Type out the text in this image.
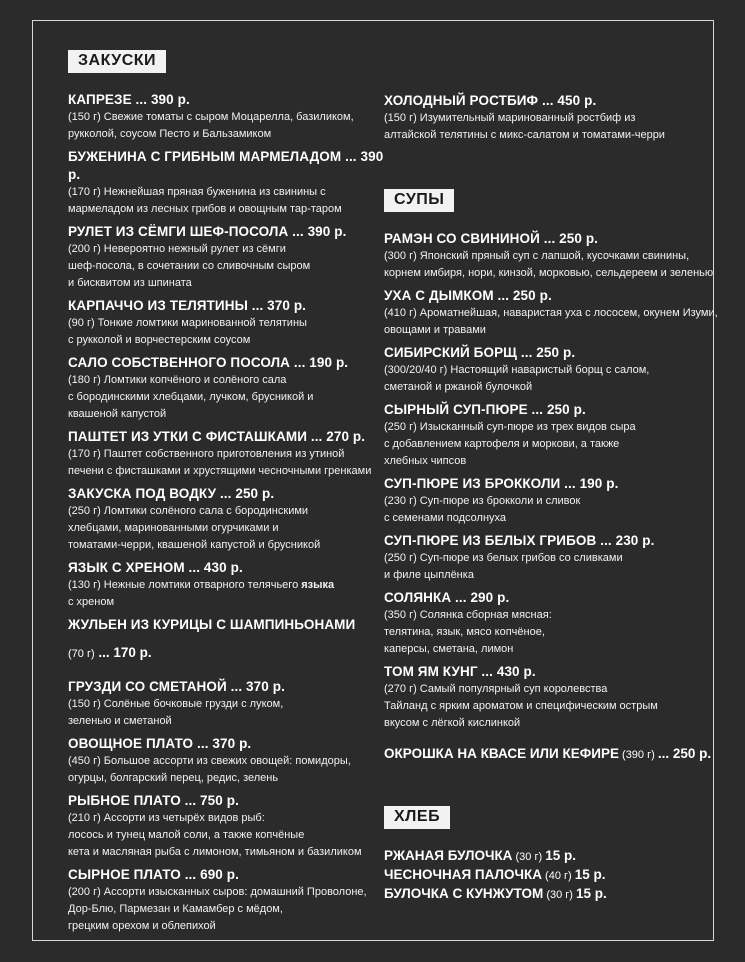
ЗАКУСКИ
КАПРЕЗЕ ... 390 р.
(150 г) Свежие томаты с сыром Моцарелла, базиликом,
рукколой, соусом Песто и Бальзамиком
БУЖЕНИНА С ГРИБНЫМ МАРМЕЛАДОМ ... 390 р.
(170 г) Нежнейшая пряная буженина из свинины с
мармеладом из лесных грибов и овощным тар-таром
РУЛЕТ ИЗ СЁМГИ ШЕФ-ПОСОЛА ... 390 р.
(200 г) Невероятно нежный рулет из сёмги
шеф-посола, в сочетании со сливочным сыром
и бисквитом из шпината
КАРПАЧЧО ИЗ ТЕЛЯТИНЫ ... 370 р.
(90 г) Тонкие ломтики маринованной телятины
с рукколой и ворчестерским соусом
САЛО СОБСТВЕННОГО ПОСОЛА ... 190 р.
(180 г) Ломтики копчёного и солёного сала
с бородинскими хлебцами, лучком, брусникой и
квашеной капустой
ПАШТЕТ ИЗ УТКИ С ФИСТАШКАМИ ... 270 р.
(170 г) Паштет собственного приготовления из утиной
печени с фисташками и хрустящими чесночными гренками
ЗАКУСКА ПОД ВОДКУ ... 250 р.
(250 г) Ломтики солёного сала с бородинскими
хлебцами, маринованными огурчиками и
томатами-черри, квашеной капустой и брусникой
ЯЗЫК С ХРЕНОМ ... 430 р.
(130 г) Нежные ломтики отварного телячьего языка
с хреном
ЖУЛЬЕН ИЗ КУРИЦЫ С ШАМПИНЬОНАМИ
(70 г) ... 170 р.
ГРУЗДИ СО СМЕТАНОЙ ... 370 р.
(150 г) Солёные бочковые грузди с луком,
зеленью и сметаной
ОВОЩНОЕ ПЛАТО ... 370 р.
(450 г) Большое ассорти из свежих овощей: помидоры,
огурцы, болгарский перец, редис, зелень
РЫБНОЕ ПЛАТО ... 750 р.
(210 г) Ассорти из четырёх видов рыб:
лосось и тунец малой соли, а также копчёные
кета и масляная рыба с лимоном, тимьяном и базиликом
СЫРНОЕ ПЛАТО ... 690 р.
(200 г) Ассорти изысканных сыров: домашний Проволоне,
Дор-Блю, Пармезан и Камамбер с мёдом,
грецким орехом и облепихой
ХОЛОДНЫЙ РОСТБИФ ... 450 р.
(150 г) Изумительный маринованный ростбиф из
алтайской телятины с микс-салатом и томатами-черри
СУПЫ
РАМЭН СО СВИНИНОЙ ... 250 р.
(300 г) Японский пряный суп с лапшой, кусочками свинины,
корнем имбиря, нори, кинзой, морковью, сельдереем и зеленью
УХА С ДЫМКОМ ... 250 р.
(410 г) Ароматнейшая, наваристая уха с лососем, окунем Изуми,
овощами и травами
СИБИРСКИЙ БОРЩ ... 250 р.
(300/20/40 г) Настоящий наваристый борщ с салом,
сметаной и ржаной булочкой
СЫРНЫЙ СУП-ПЮРЕ ... 250 р.
(250 г) Изысканный суп-пюре из трех видов сыра
с добавлением картофеля и моркови, а также
хлебных чипсов
СУП-ПЮРЕ ИЗ БРОККОЛИ ... 190 р.
(230 г) Суп-пюре из брокколи и сливок
с семенами подсолнуха
СУП-ПЮРЕ ИЗ БЕЛЫХ ГРИБОВ ... 230 р.
(250 г) Суп-пюре из белых грибов со сливками
и филе цыплёнка
СОЛЯНКА ... 290 р.
(350 г) Солянка сборная мясная:
телятина, язык, мясо копчёное,
каперсы, сметана, лимон
ТОМ ЯМ КУНГ ... 430 р.
(270 г) Самый популярный суп королевства
Тайланд с ярким ароматом и специфическим острым
вкусом с лёгкой кислинкой
ОКРОШКА НА КВАСЕ ИЛИ КЕФИРЕ (390 г) ... 250 р.
ХЛЕБ
РЖАНАЯ БУЛОЧКА (30 г) 15 р.
ЧЕСНОЧНАЯ ПАЛОЧКА (40 г) 15 р.
БУЛОЧКА С КУНЖУТОМ (30 г) 15 р.
